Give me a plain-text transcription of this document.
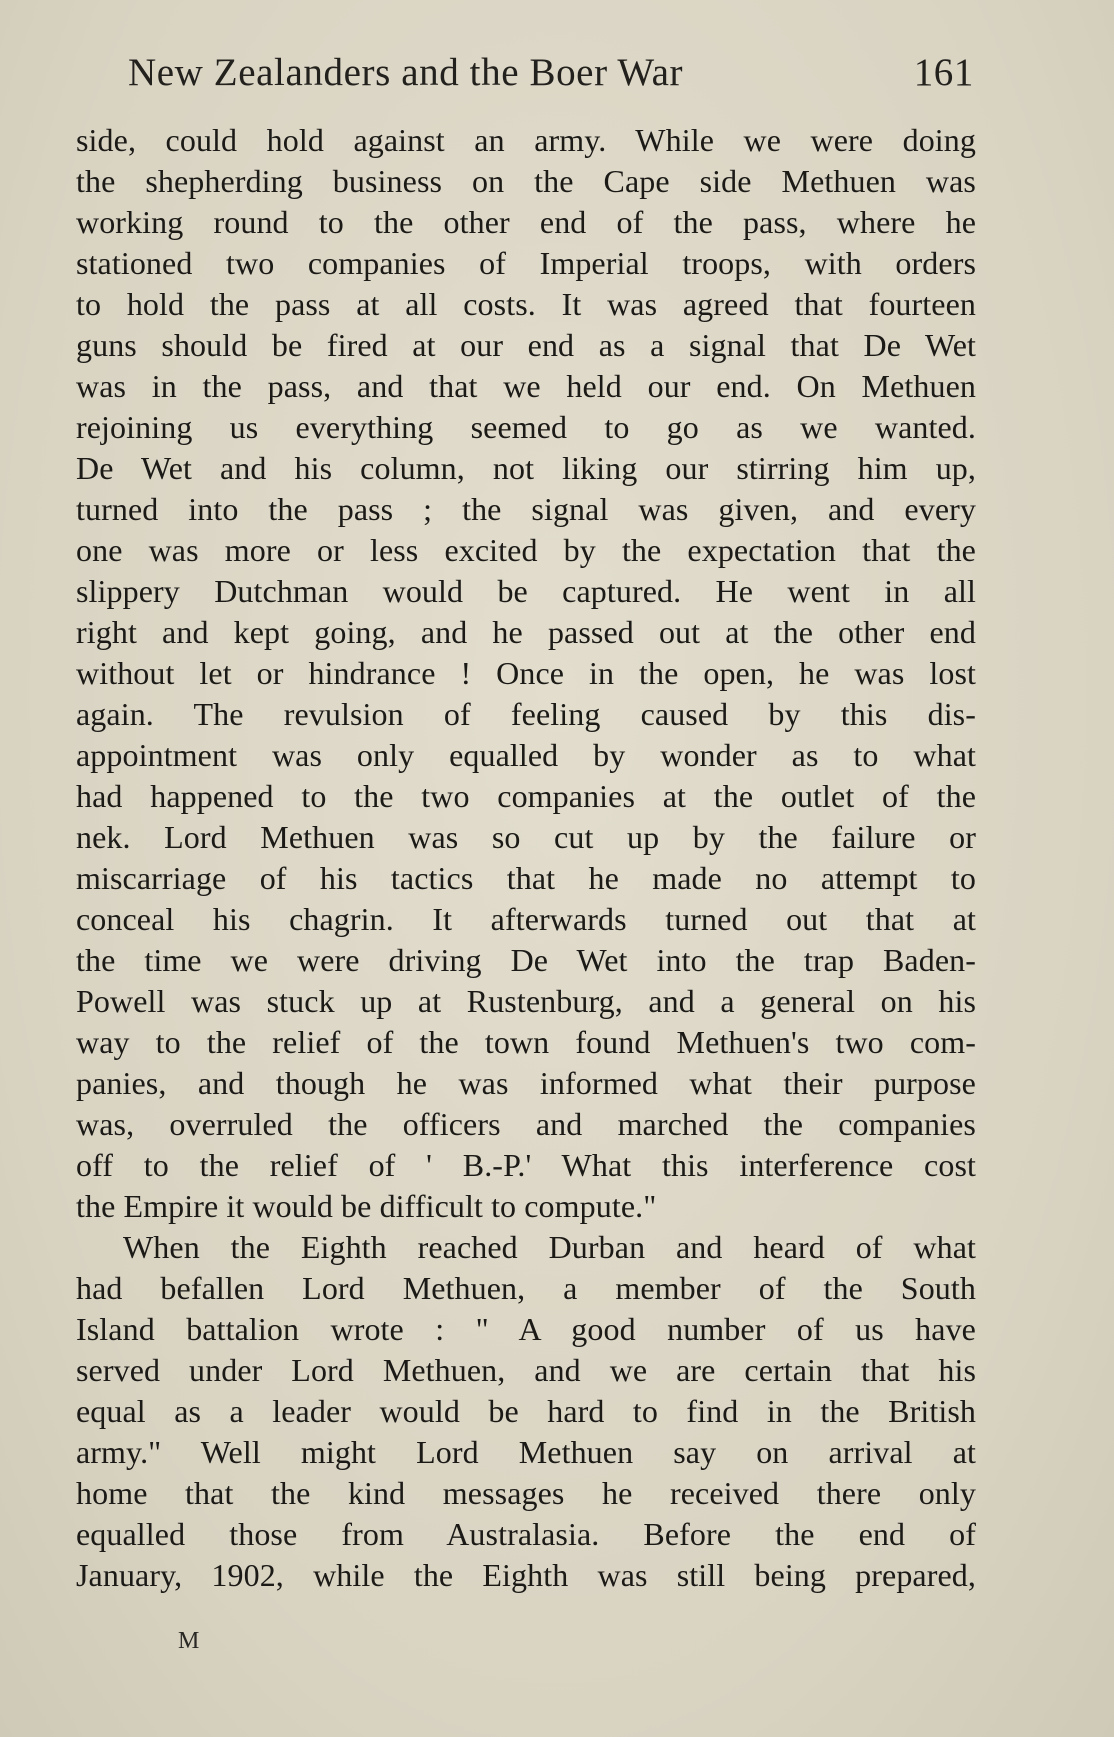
New Zealanders and the Boer War	161
side, could hold against an army. While we were doing
the shepherding business on the Cape side Methuen was
working round to the other end of the pass, where he
stationed two companies of Imperial troops, with orders
to hold the pass at all costs. It was agreed that fourteen
guns should be fired at our end as a signal that De Wet
was in the pass, and that we held our end. On Methuen
rejoining us everything seemed to go as we wanted.
De Wet and his column, not liking our stirring him up,
turned into the pass ; the signal was given, and every
one was more or less excited by the expectation that the
slippery Dutchman would be captured. He went in all
right and kept going, and he passed out at the other end
without let or hindrance ! Once in the open, he was lost
again. The revulsion of feeling caused by this dis-
appointment was only equalled by wonder as to what
had happened to the two companies at the outlet of the
nek. Lord Methuen was so cut up by the failure or
miscarriage of his tactics that he made no attempt to
conceal his chagrin. It afterwards turned out that at
the time we were driving De Wet into the trap Baden-
Powell was stuck up at Rustenburg, and a general on his
way to the relief of the town found Methuen's two com-
panies, and though he was informed what their purpose
was, overruled the officers and marched the companies
off to the relief of ' B.-P.' What this interference cost
the Empire it would be difficult to compute."
When the Eighth reached Durban and heard of what
had befallen Lord Methuen, a member of the South
Island battalion wrote : " A good number of us have
served under Lord Methuen, and we are certain that his
equal as a leader would be hard to find in the British
army." Well might Lord Methuen say on arrival at
home that the kind messages he received there only
equalled those from Australasia. Before the end of
January, 1902, while the Eighth was still being prepared,
M
